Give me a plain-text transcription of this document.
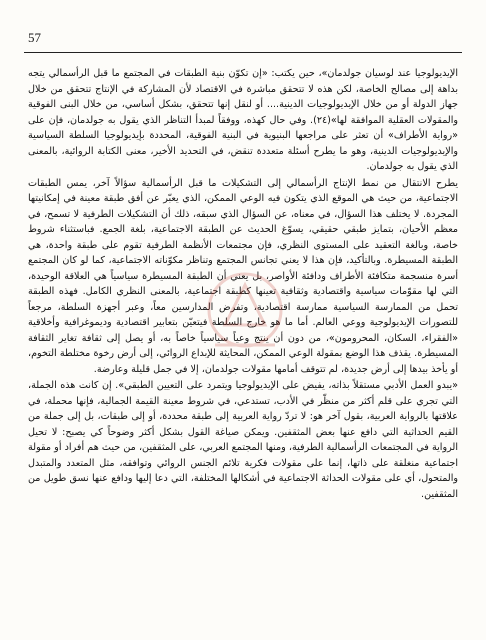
57

الإيديولوجيا عند لوسيان جولدمان»، حين يكتب: «إن تكوّن بنية الطبقات في المجتمع ما قبل الرأسمالي يتجه بداهة إلى مصالح الخاصة، لكن هذه لا تتحقق مباشرة في الاقتصاد لأن المشاركة في الإنتاج تتحقق من خلال جهاز الدولة أو من خلال الإيديولوجيات الدينية.... أو لنقل إنها تتحقق، بشكل أساسي، من خلال البنى الفوقية والمقولات العقلية الموافقة لها»(٢٤). وفي حال كهذه، ووفقاً لمبدأ التناظر الذي يقول به جولدمان، فإن على «رواية الأطراف» أن تعثر على مراجعها البنيوية في البنية الفوقية، المحددة بإيديولوجيا السلطة السياسية والإيديولوجيات الدينية، وهو ما يطرح أسئلة متعددة تنقض، في التحديد الأخير، معنى الكتابة الروائية، بالمعنى الذي يقول به جولدمان.

يطرح الانتقال من نمط الإنتاج الرأسمالي إلى التشكيلات ما قبل الرأسمالية سؤالاً آخر، يمس الطبقات الاجتماعية، من حيث هي الموقع الذي يتكون فيه الوعي الممكن، الذي يعبّر عن أفق طبقة معينة في إمكانيتها المجردة. لا يختلف هذا السؤال، في معناه، عن السؤال الذي سبقه، ذلك أن التشكيلات الطرفية لا تسمح، في معظم الأحيان، بتمايز طبقي حقيقي، يسوّغ الحديث عن الطبقة الاجتماعية، بلغة الجمع. فباستثناء شروط خاصة، وبالغة التعقيد على المستوى النظري، فإن مجتمعات الأنظمة الطرفية تقوم على طبقة واحدة، هي الطبقة المسيطرة. وبالتأكيد، فإن هذا لا يعني تجانس المجتمع وتناظر مكوّناته الاجتماعية، كما لو كان المجتمع أسرة منسجمة متكافئة الأطراف ودافئة الأواصر، بل يعني أن الطبقة المسيطرة سياسياً هي العلاقة الوحيدة، التي لها مقوّمات سياسية واقتصادية وثقافية تعينها كطبقة اجتماعية، بالمعنى النظري الكامل. فهذه الطبقة تحمل من الممارسة السياسية ممارسة اقتصادية، وتفرض المدارسين معاً، وعبر أجهزة السلطة، مرجعاً للتصورات الإيديولوجية ووعي العالم. أما ما هو خارج السلطة فيتعيّن بتعابير اقتصادية وديموغرافية وأخلاقية «الفقراء، السكان، المحرومون»، من دون أن ينتج وعياً سياسياً خاصاً به، أو يصل إلى ثقافة تغاير الثقافة المسيطرة. يقذف هذا الوضع بمقولة الوعي الممكن، المحايثة للإبداع الروائي، إلى أرض رخوة مختلطة التخوم، أو يأخذ بيدها إلى أرض جديدة، لم تتوقف أمامها مقولات جولدمان، إلا في جمل قليلة وعارضة.

«يبدو العمل الأدبي مستقلاً بذاته، يفيض على الإيديولوجيا ويتمرد على التعيين الطبقي». إن كانت هذه الجملة، التي تجري على قلم أكثر من منظّر في الأدب، تستدعي، في شروط معينة القيمة الجمالية، فإنها محملة، في علاقتها بالرواية العربية، بقول آخر هو: لا تردّ رواية العربية إلى طبقة محددة، أو إلى طبقات، بل إلى جملة من القيم الحداثية التي دافع عنها بعض المثقفين. ويمكن صياغة القول بشكل أكثر وضوحاً كي يصبح: لا تحيل الرواية في المجتمعات الرأسمالية الطرفية، ومنها المجتمع العربي، على المثقفين، من حيث هم أفراد أو مقولة اجتماعية منغلقة على ذاتها، إنما على مقولات فكرية تلائم الجنس الروائي وتوافقه، مثل المتعدد والمتبدل والمتحول، أي على مقولات الحداثة الاجتماعية في أشكالها المختلفة، التي دعا إليها ودافع عنها نسق طويل من المثقفين.
